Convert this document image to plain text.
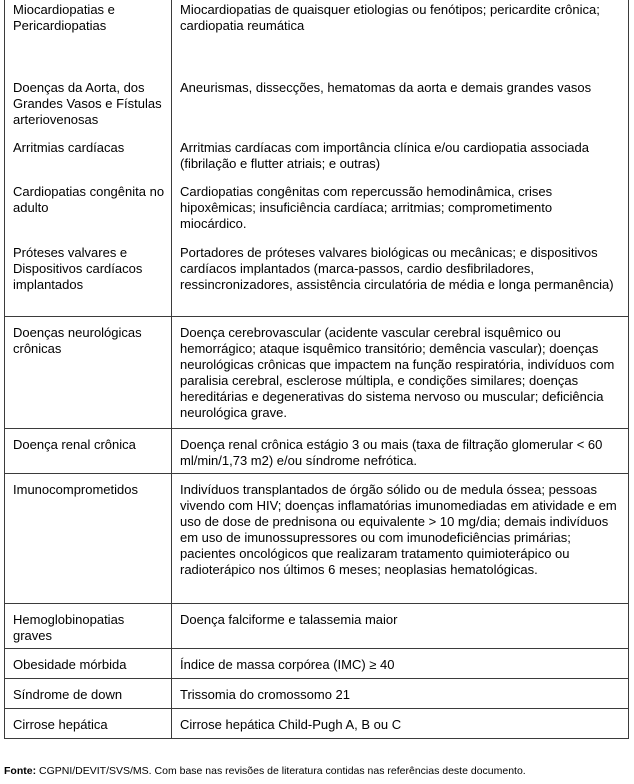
Miocardiopatias e Pericardiopatias	Miocardiopatias de quaisquer etiologias ou fenótipos; pericardite crônica; cardiopatia reumática
Doenças da Aorta, dos Grandes Vasos e Fístulas arteriovenosas	Aneurismas, dissecções, hematomas da aorta e demais grandes vasos
Arritmias cardíacas	Arritmias cardíacas com importância clínica e/ou cardiopatia associada (fibrilação e flutter atriais; e outras)
Cardiopatias congênita no adulto	Cardiopatias congênitas com repercussão hemodinâmica, crises hipoxêmicas; insuficiência cardíaca; arritmias; comprometimento miocárdico.
Próteses valvares e Dispositivos cardíacos implantados	Portadores de próteses valvares biológicas ou mecânicas; e dispositivos cardíacos implantados (marca-passos, cardio desfibriladores, ressincronizadores, assistência circulatória de média e longa permanência)
Doenças neurológicas crônicas	Doença cerebrovascular (acidente vascular cerebral isquêmico ou hemorrágico; ataque isquêmico transitório; demência vascular); doenças neurológicas crônicas que impactem na função respiratória, indivíduos com paralisia cerebral, esclerose múltipla, e condições similares; doenças hereditárias e degenerativas do sistema nervoso ou muscular; deficiência neurológica grave.
Doença renal crônica	Doença renal crônica estágio 3 ou mais (taxa de filtração glomerular < 60 ml/min/1,73 m2) e/ou síndrome nefrótica.
Imunocomprometidos	Indivíduos transplantados de órgão sólido ou de medula óssea; pessoas vivendo com HIV; doenças inflamatórias imunomediadas em atividade e em uso de dose de prednisona ou equivalente > 10 mg/dia; demais indivíduos em uso de imunossupressores ou com imunodeficiências primárias; pacientes oncológicos que realizaram tratamento quimioterápico ou radioterápico nos últimos 6 meses; neoplasias hematológicas.
Hemoglobinopatias graves	Doença falciforme e talassemia maior
Obesidade mórbida	Índice de massa corpórea (IMC) ≥ 40
Síndrome de down	Trissomia do cromossomo 21
Cirrose hepática	Cirrose hepática Child-Pugh A, B ou C
Fonte: CGPNI/DEVIT/SVS/MS. Com base nas revisões de literatura contidas nas referências deste documento.
